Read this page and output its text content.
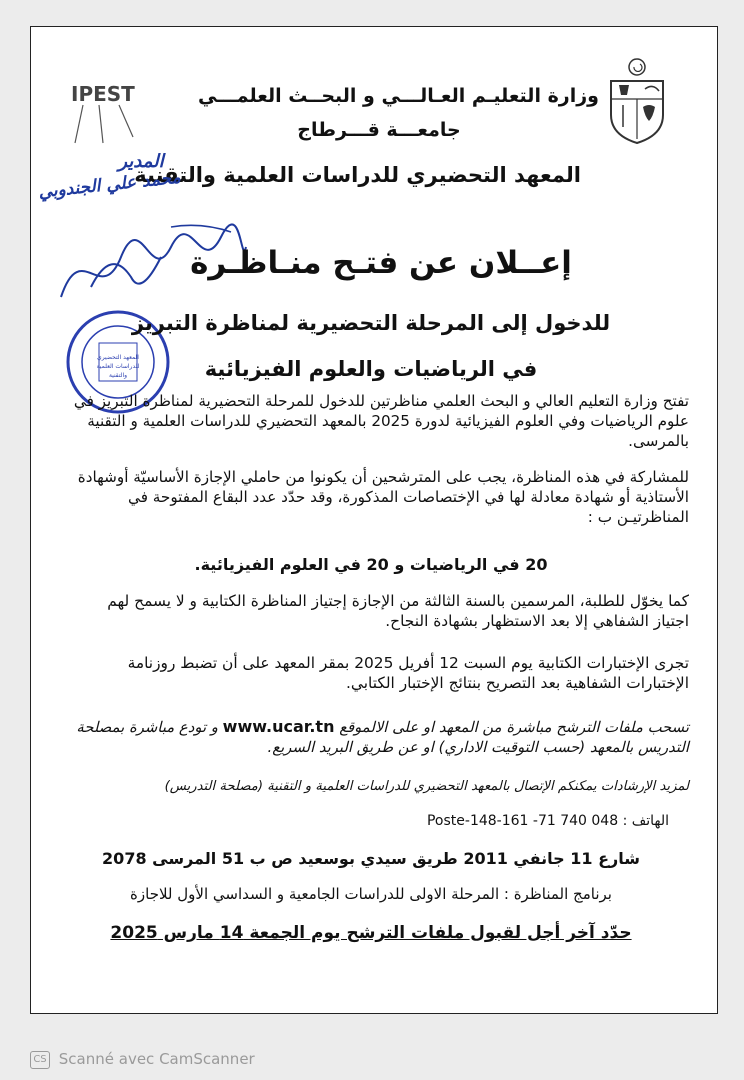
IPEST	وزارة التعليـم العـالـــي و البحــث العلمـــي
جامعـــة قـــرطاج
المعهد التحضيري للدراسات العلمية والتقنية
المدير
محمد علي الجندوبي
المعهد التحضيري
للدراسات العلمية
والتقنية
إعــلان عن فتـح منـاظـرة
للدخول إلى المرحلة التحضيرية لمناظرة التبريز
في الرياضيات والعلوم الفيزيائية
تفتح وزارة التعليم العالي و البحث العلمي مناظرتين للدخول للمرحلة التحضيرية لمناظرة التبريز في علوم الرياضيات وفي العلوم الفيزيائية لدورة 2025 بالمعهد التحضيري للدراسات العلمية و التقنية بالمرسى.
للمشاركة في هذه المناظرة، يجب على المترشحين أن يكونوا من حاملي الإجازة الأساسيّة أوشهادة الأستاذية أو شهادة معادلة لها في الإختصاصات المذكورة، وقد حدّد عدد البقاع المفتوحة في المناظرتيـن ب :
20 في الرياضيات و 20 في العلوم الفيزيائية.
كما يخوّل للطلبة، المرسمين بالسنة الثالثة من الإجازة إجتياز المناظرة الكتابية و لا يسمح لهم اجتياز الشفاهي إلا بعد الاستظهار بشهادة النجاح.
تجرى الإختبارات الكتابية يوم السبت 12 أفريل 2025 بمقر المعهد على أن تضبط روزنامة الإختبارات الشفاهية بعد التصريح بنتائج الإختبار الكتابي.
تسحب ملفات الترشح مباشرة من المعهد او على الالموقع www.ucar.tn و تودع مباشرة بمصلحة التدريس بالمعهد (حسب التوقيت الاداري) او عن طريق البريد السريع.
لمزيد الإرشادات يمكنكم الإتصال بالمعهد التحضيري للدراسات العلمية و التقنية (مصلحة التدريس)
الهاتف : Poste-148-161 -71 740 048
شارع 11 جانفي 2011 طريق سيدي بوسعيد ص ب 51 المرسى 2078
برنامج المناظرة : المرحلة الاولى للدراسات الجامعية و السداسي الأول للاجازة
حدّد آخر أجل لقبول ملفات الترشح يوم الجمعة 14 مارس 2025
CS Scanné avec CamScanner
